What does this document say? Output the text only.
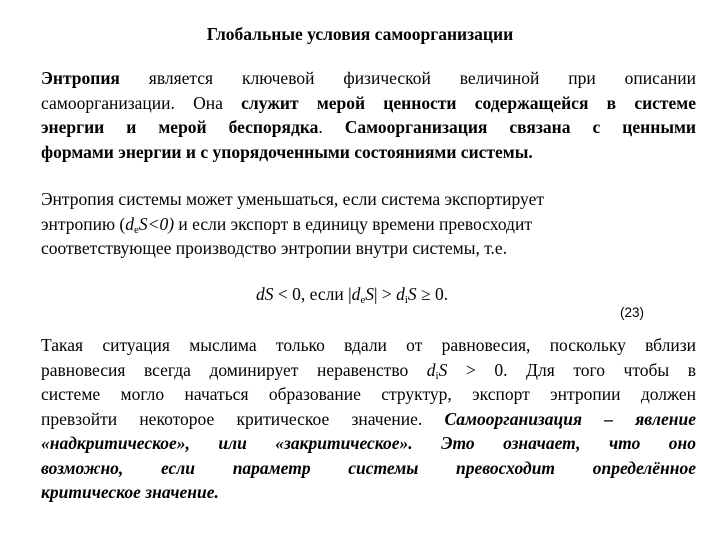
Глобальные условия самоорганизации
Энтропия является ключевой физической величиной при описании
самоорганизации. Она служит мерой ценности содержащейся в системе
энергии и мерой беспорядка. Самоорганизация связана с ценными
формами энергии и с упорядоченными состояниями системы.
Энтропия системы может уменьшаться, если система экспортирует
энтропию $(d_eS<0)$ и если экспорт в единицу времени превосходит
соответствующее производство энтропии внутри системы, т.е.
dS < 0, если $|d_eS| > d_iS \ge 0$.
(23)
Такая ситуация мыслима только вдали от равновесия, поскольку вблизи
равновесия всегда доминирует неравенство $d_iS > 0$. Для того чтобы в
системе могло начаться образование структур, экспорт энтропии должен
превзойти некоторое критическое значение. Самоорганизация – явление
«надкритическое», или «закритическое». Это означает, что оно
возможно, если параметр системы превосходит определённое
критическое значение.
